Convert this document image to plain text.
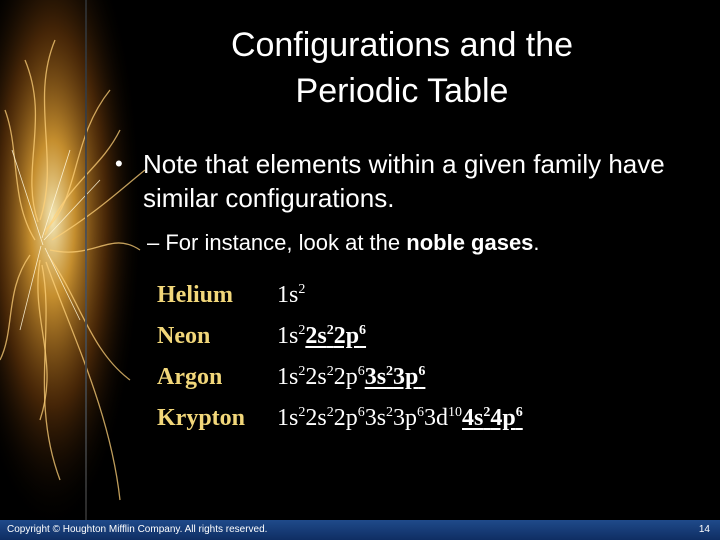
Configurations and the
Periodic Table
• Note that elements within a given family have similar configurations.
– For instance, look at the noble gases.
Helium $1s^2$
Neon	$1s^22s^22p^6$
Argon $1s^22s^22p^63s^23p^6$
Krypton $1s^22s^22p^63s^23p^63d^{10}4s^24p^6$
Copyright © Houghton Mifflin Company. All rights reserved.	14
